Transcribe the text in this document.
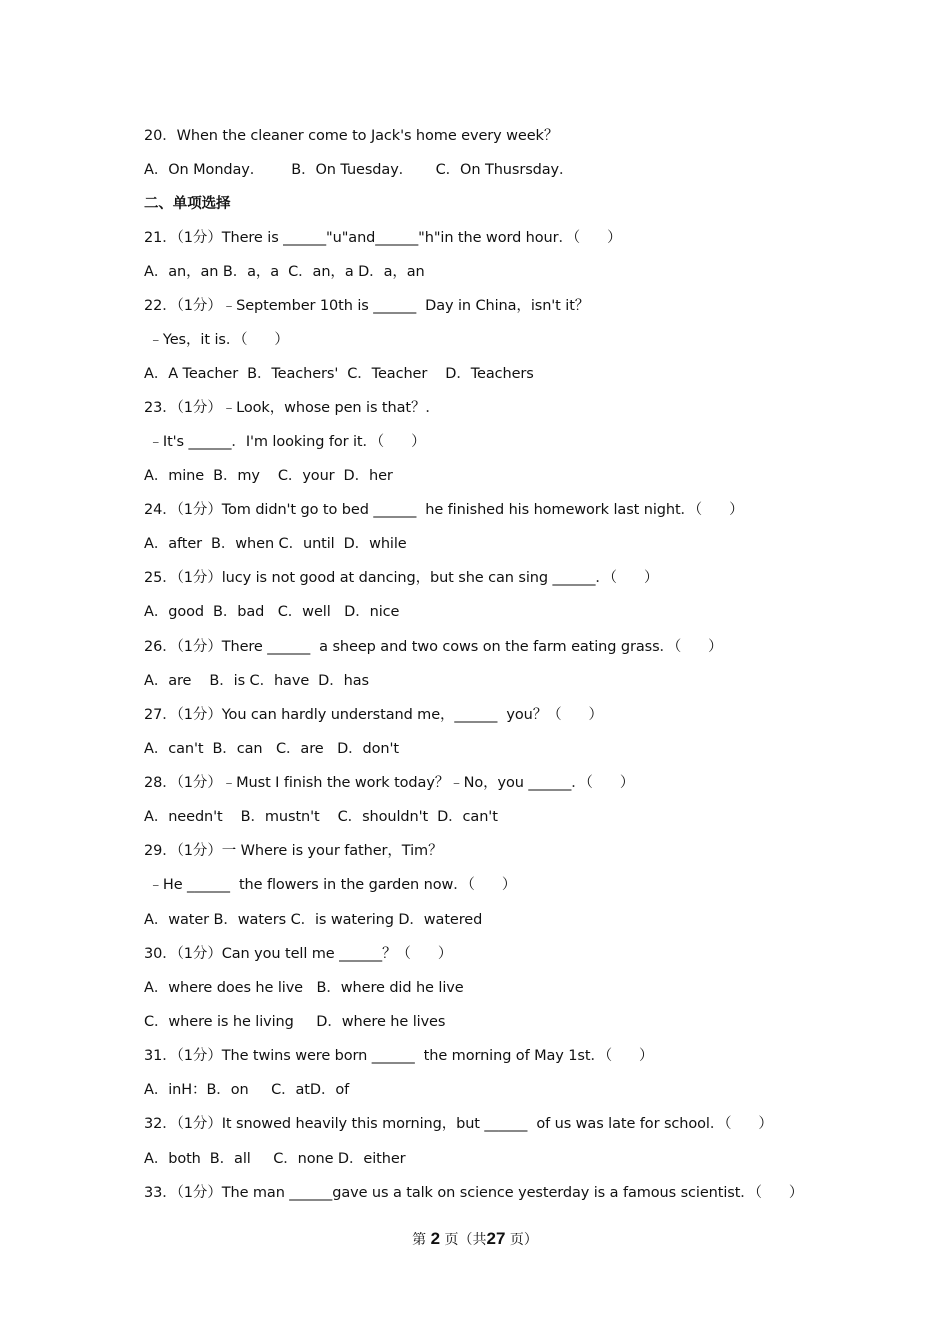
20．When the cleaner come to Jack's home every week？
A．On Monday．      B．On Tuesday．     C．On Thusrsday．
二、单项选择
21．（1分）There is ______"u"and______"h"in the word hour．（      ）
A．an，an B．a，a  C．an，a D．a，an
22．（1分）﹣September 10th is ______  Day in China，isn't it？
﹣Yes，it is．（      ）
A．A Teacher  B．Teachers'  C．Teacher    D．Teachers
23．（1分）﹣Look，whose pen is that？．
﹣It's ______．I'm looking for it．（      ）
A．mine  B．my    C．your  D．her
24．（1分）Tom didn't go to bed ______  he finished his homework last night．（      ）
A．after  B．when C．until  D．while
25．（1分）lucy is not good at dancing，but she can sing ______．（      ）
A．good  B．bad   C．well   D．nice
26．（1分）There ______  a sheep and two cows on the farm eating grass．（      ）
A．are    B．is C．have  D．has
27．（1分）You can hardly understand me，______  you？（      ）
A．can't  B．can   C．are   D．don't
28．（1分）﹣Must I finish the work today？﹣No，you ______．（      ）
A．needn't    B．mustn't    C．shouldn't  D．can't
29．（1分）一 Where is your father，Tim？
﹣He ______  the flowers in the garden now．（      ）
A．water B．waters C．is watering D．watered
30．（1分）Can you tell me ______？（      ）
A．where does he live   B．where did he live
C．where is he living     D．where he lives
31．（1分）The twins were born ______  the morning of May 1st．（      ）
A．inH：B．on     C．atD．of
32．（1分）It snowed heavily this morning，but ______  of us was late for school．（      ）
A．both  B．all     C．none D．either
33．（1分）The man ______gave us a talk on science yesterday is a famous scientist．（      ）
第 2 页（共27 页）
